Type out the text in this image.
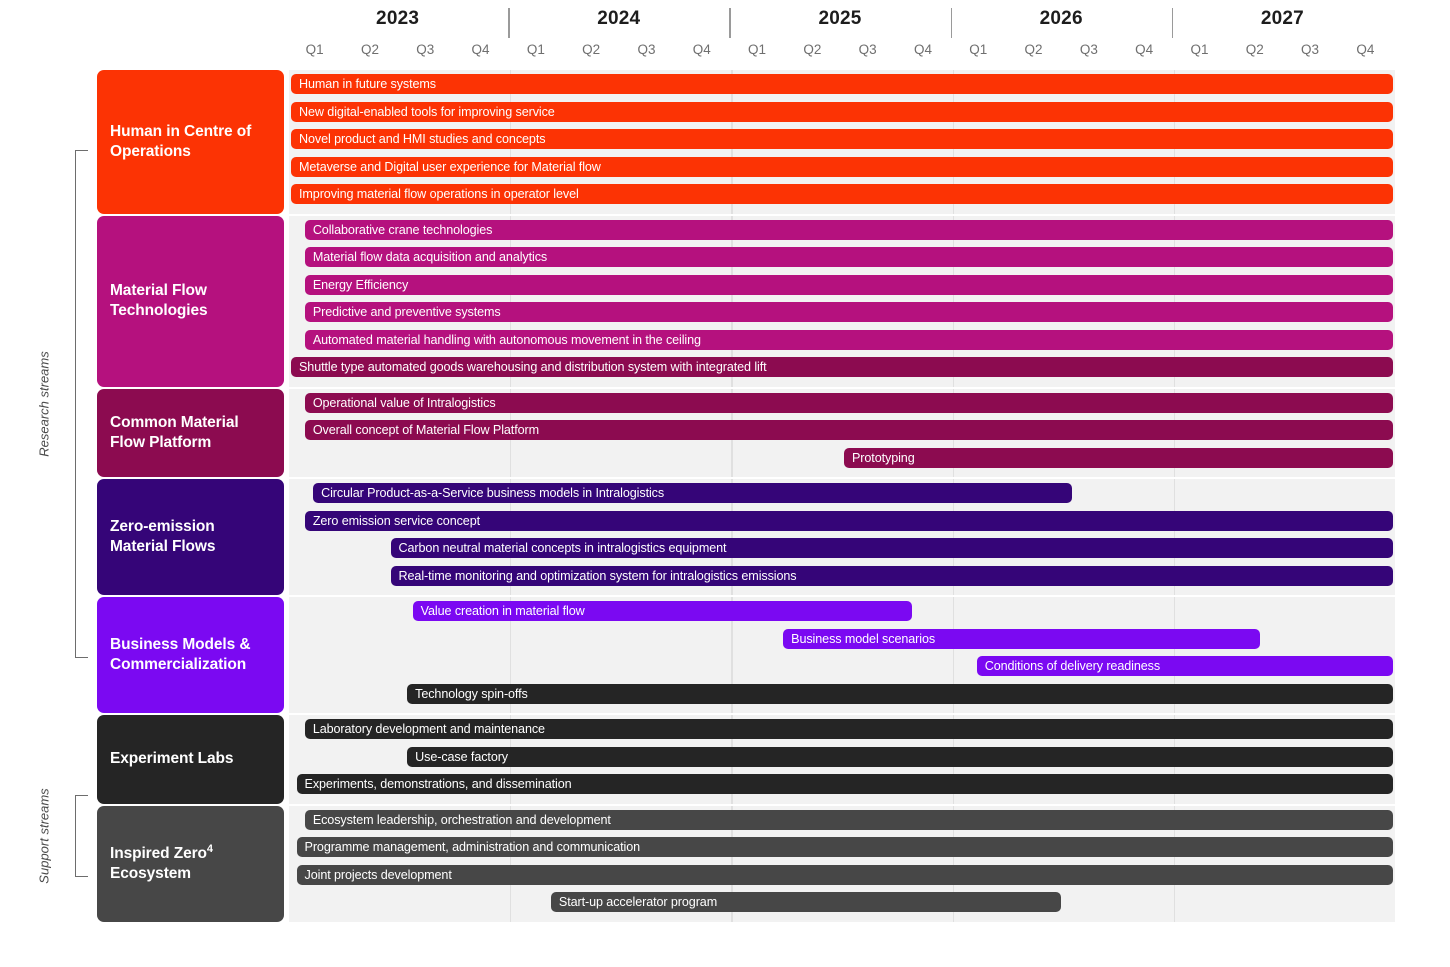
2023	2024	2025	2026	2027
Q1	Q2	Q3	Q4	Q1	Q2	Q3	Q4	Q1	Q2	Q3	Q4	Q1	Q2	Q3	Q4	Q1	Q2	Q3	Q4
Research streams
Support streams
Human in Centre of Operations
Material Flow Technologies
Common Material Flow Platform
Zero-emission Material Flows
Business Models & Commercialization
Experiment Labs
Inspired Zero$^4$
Ecosystem
Human in future systems
New digital-enabled tools for improving service
Novel product and HMI studies and concepts
Metaverse and Digital user experience for Material flow
Improving material flow operations in operator level
Collaborative crane technologies
Material flow data acquisition and analytics
Energy Efficiency
Predictive and preventive systems
Automated material handling with autonomous movement in the ceiling
Shuttle type automated goods warehousing and distribution system with integrated lift
Operational value of Intralogistics
Overall concept of Material Flow Platform
Prototyping
Circular Product-as-a-Service business models in Intralogistics
Zero emission service concept
Carbon neutral material concepts in intralogistics equipment
Real-time monitoring and optimization system for intralogistics emissions
Value creation in material flow
Business model scenarios
Conditions of delivery readiness
Technology spin-offs
Laboratory development and maintenance
Use-case factory
Experiments, demonstrations, and dissemination
Ecosystem leadership, orchestration and development
Programme management, administration and communication
Joint projects development
Start-up accelerator program
